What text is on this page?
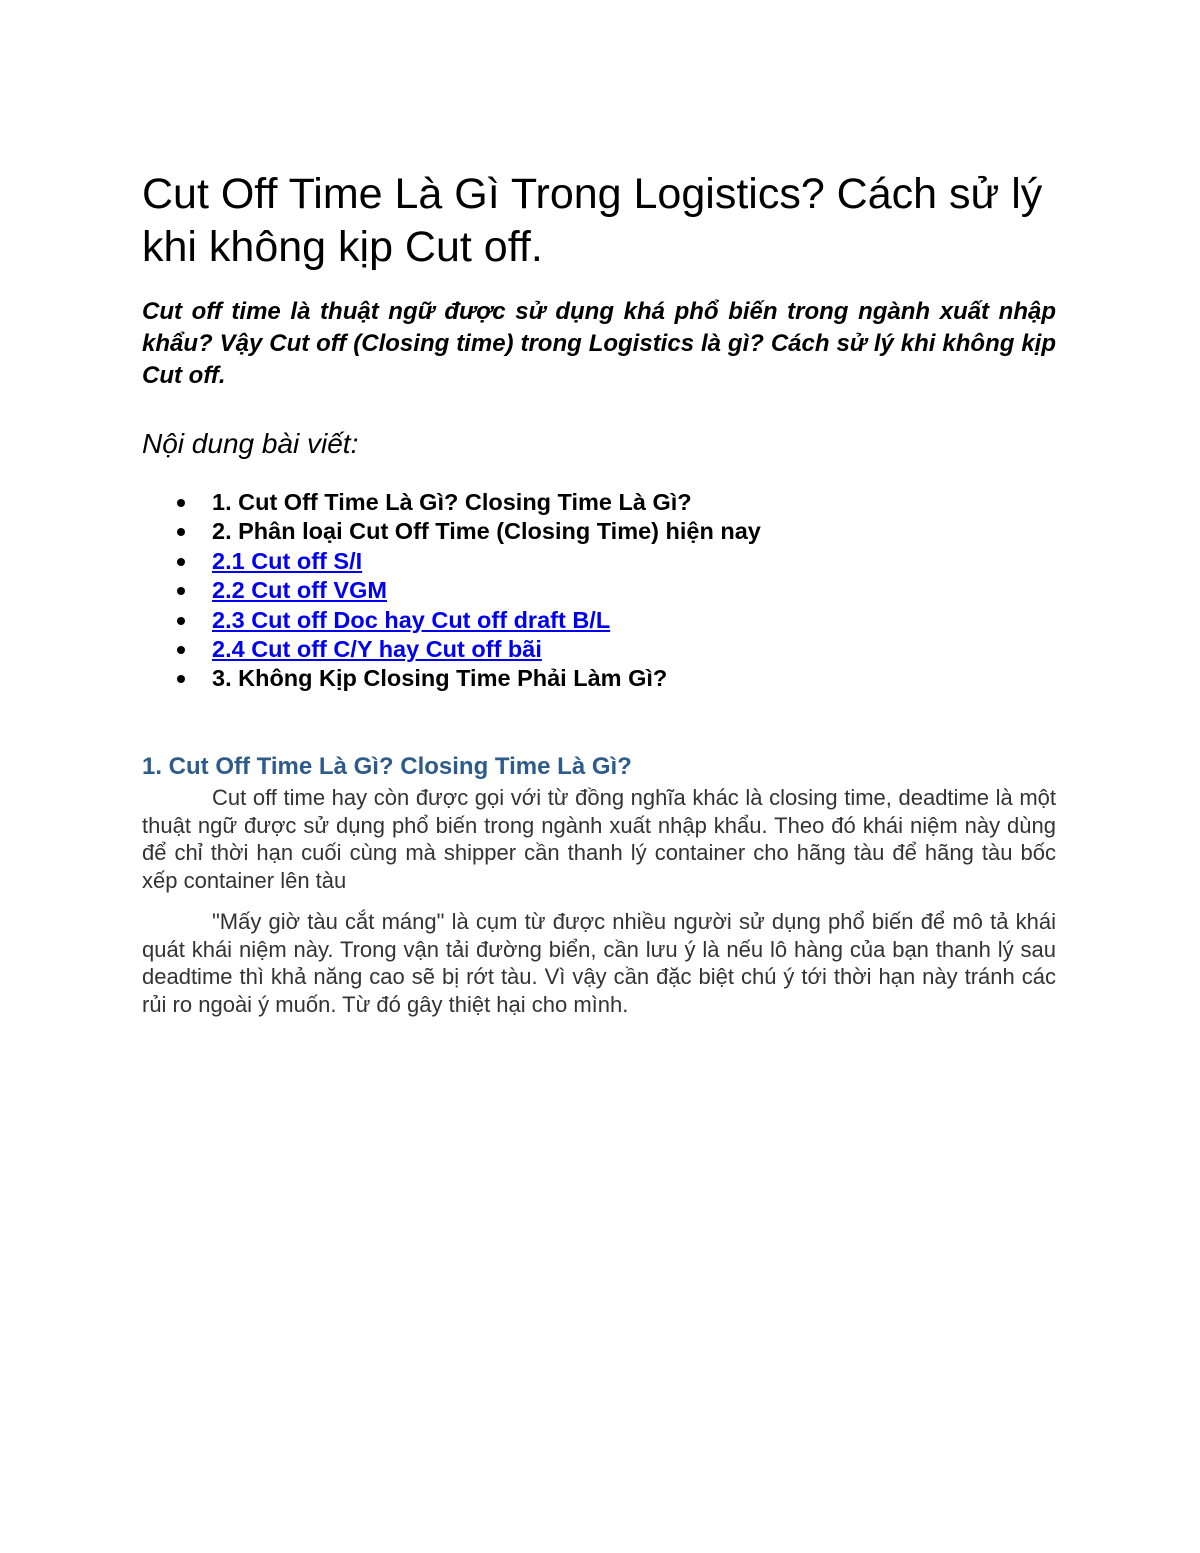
Cut Off Time Là Gì Trong Logistics? Cách sử lý khi không kịp Cut off.

Cut off time là thuật ngữ được sử dụng khá phổ biến trong ngành xuất nhập khẩu? Vậy Cut off (Closing time) trong Logistics là gì? Cách sử lý khi không kịp Cut off.

Nội dung bài viết:
1. Cut Off Time Là Gì? Closing Time Là Gì?
2. Phân loại Cut Off Time (Closing Time) hiện nay
2.1 Cut off S/I
2.2 Cut off VGM
2.3 Cut off Doc hay Cut off draft B/L
2.4 Cut off C/Y hay Cut off bãi
3. Không Kịp Closing Time Phải Làm Gì?
1. Cut Off Time Là Gì? Closing Time Là Gì?

Cut off time hay còn được gọi với từ đồng nghĩa khác là closing time, deadtime là một thuật ngữ được sử dụng phổ biến trong ngành xuất nhập khẩu. Theo đó khái niệm này dùng để chỉ thời hạn cuối cùng mà shipper cần thanh lý container cho hãng tàu để hãng tàu bốc xếp container lên tàu

"Mấy giờ tàu cắt máng" là cụm từ được nhiều người sử dụng phổ biến để mô tả khái quát khái niệm này. Trong vận tải đường biển, cần lưu ý là nếu lô hàng của bạn thanh lý sau deadtime thì khả năng cao sẽ bị rớt tàu. Vì vậy cần đặc biệt chú ý tới thời hạn này tránh các rủi ro ngoài ý muốn. Từ đó gây thiệt hại cho mình.
